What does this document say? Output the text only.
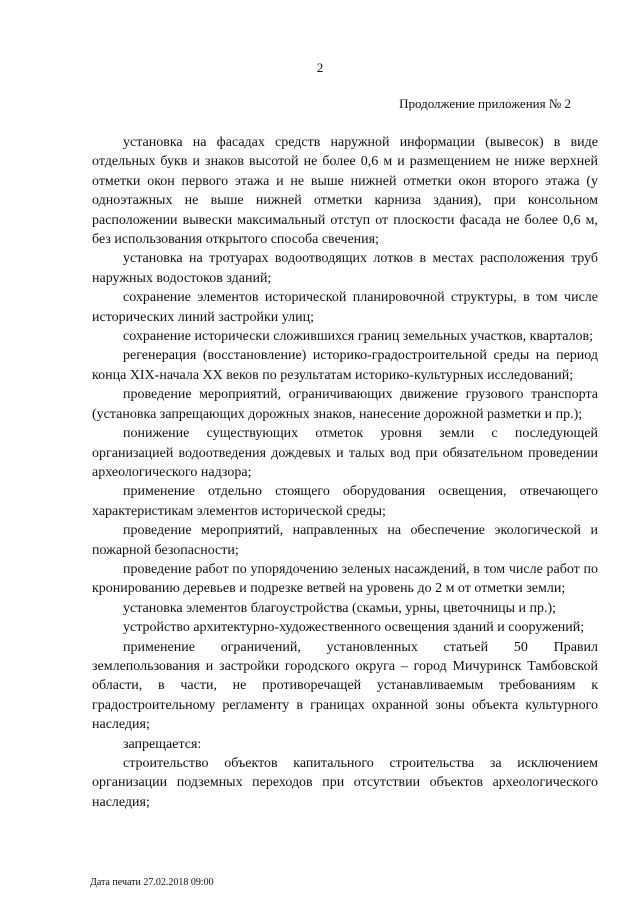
2
Продолжение приложения № 2

установка на фасадах средств наружной информации (вывесок) в виде отдельных букв и знаков высотой не более 0,6 м и размещением не ниже верхней отметки окон первого этажа и не выше нижней отметки окон второго этажа (у одноэтажных не выше нижней отметки карниза здания), при консольном расположении вывески максимальный отступ от плоскости фасада не более 0,6 м, без использования открытого способа свечения;

установка на тротуарах водоотводящих лотков в местах расположения труб наружных водостоков зданий;

сохранение элементов исторической планировочной структуры, в том числе исторических линий застройки улиц;

сохранение исторически сложившихся границ земельных участков, кварталов;

регенерация (восстановление) историко-градостроительной среды на период конца XIX-начала XX веков по результатам историко-культурных исследований;

проведение мероприятий, ограничивающих движение грузового транспорта (установка запрещающих дорожных знаков, нанесение дорожной разметки и пр.);

понижение существующих отметок уровня земли с последующей организацией водоотведения дождевых и талых вод при обязательном проведении археологического надзора;

применение отдельно стоящего оборудования освещения, отвечающего характеристикам элементов исторической среды;

проведение мероприятий, направленных на обеспечение экологической и пожарной безопасности;

проведение работ по упорядочению зеленых насаждений, в том числе работ по кронированию деревьев и подрезке ветвей на уровень до 2 м от отметки земли;

установка элементов благоустройства (скамьи, урны, цветочницы и пр.);

устройство архитектурно-художественного освещения зданий и сооружений;

применение ограничений, установленных статьей 50 Правил землепользования и застройки городского округа – город Мичуринск Тамбовской области, в части, не противоречащей устанавливаемым требованиям к градостроительному регламенту в границах охранной зоны объекта культурного наследия;

запрещается:

строительство объектов капитального строительства за исключением организации подземных переходов при отсутствии объектов археологического наследия;

Дата печати 27.02.2018 09:00
